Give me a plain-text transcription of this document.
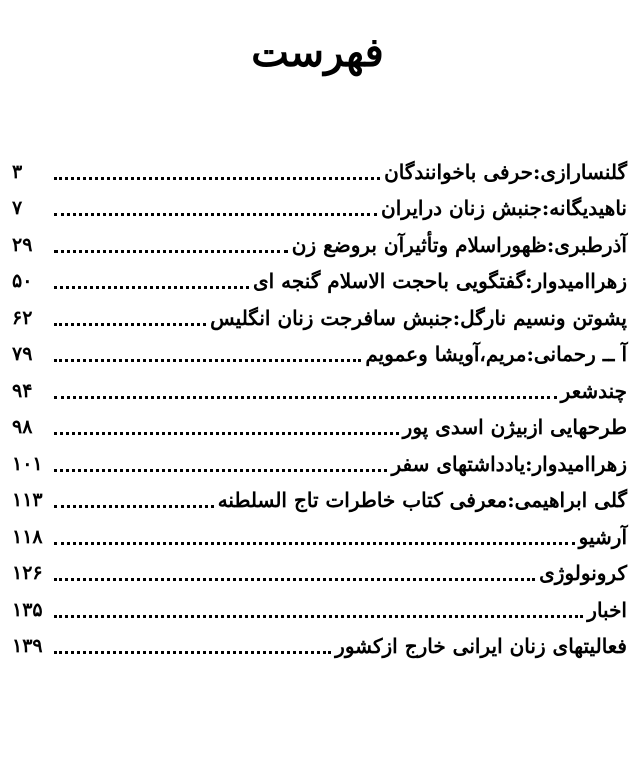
فهرست
گلنسارازی:حرفی باخوانندگان
۳
ناهیدیگانه:جنبش زنان درایران
۷
آذرطبری:ظهوراسلام وتأثیرآن بروضع زن
۲۹
زهراامیدوار:گفتگویی باحجت الاسلام گنجه ای
۵۰
پشوتن ونسیم نارگل:جنبش سافرجت زنان انگلیس
۶۲
آ ــ رحمانی:مریم،آویشا وعمویم
۷۹
چندشعر
۹۴
طرحهایی ازبیژن اسدی پور
۹۸
زهراامیدوار:یادداشتهای سفر
۱۰۱
گلی ابراهیمی:معرفی کتاب خاطرات تاج السلطنه
۱۱۳
آرشیو
۱۱۸
کرونولوژی
۱۲۶
اخبار
۱۳۵
فعالیتهای زنان ایرانی خارج ازکشور
۱۳۹
